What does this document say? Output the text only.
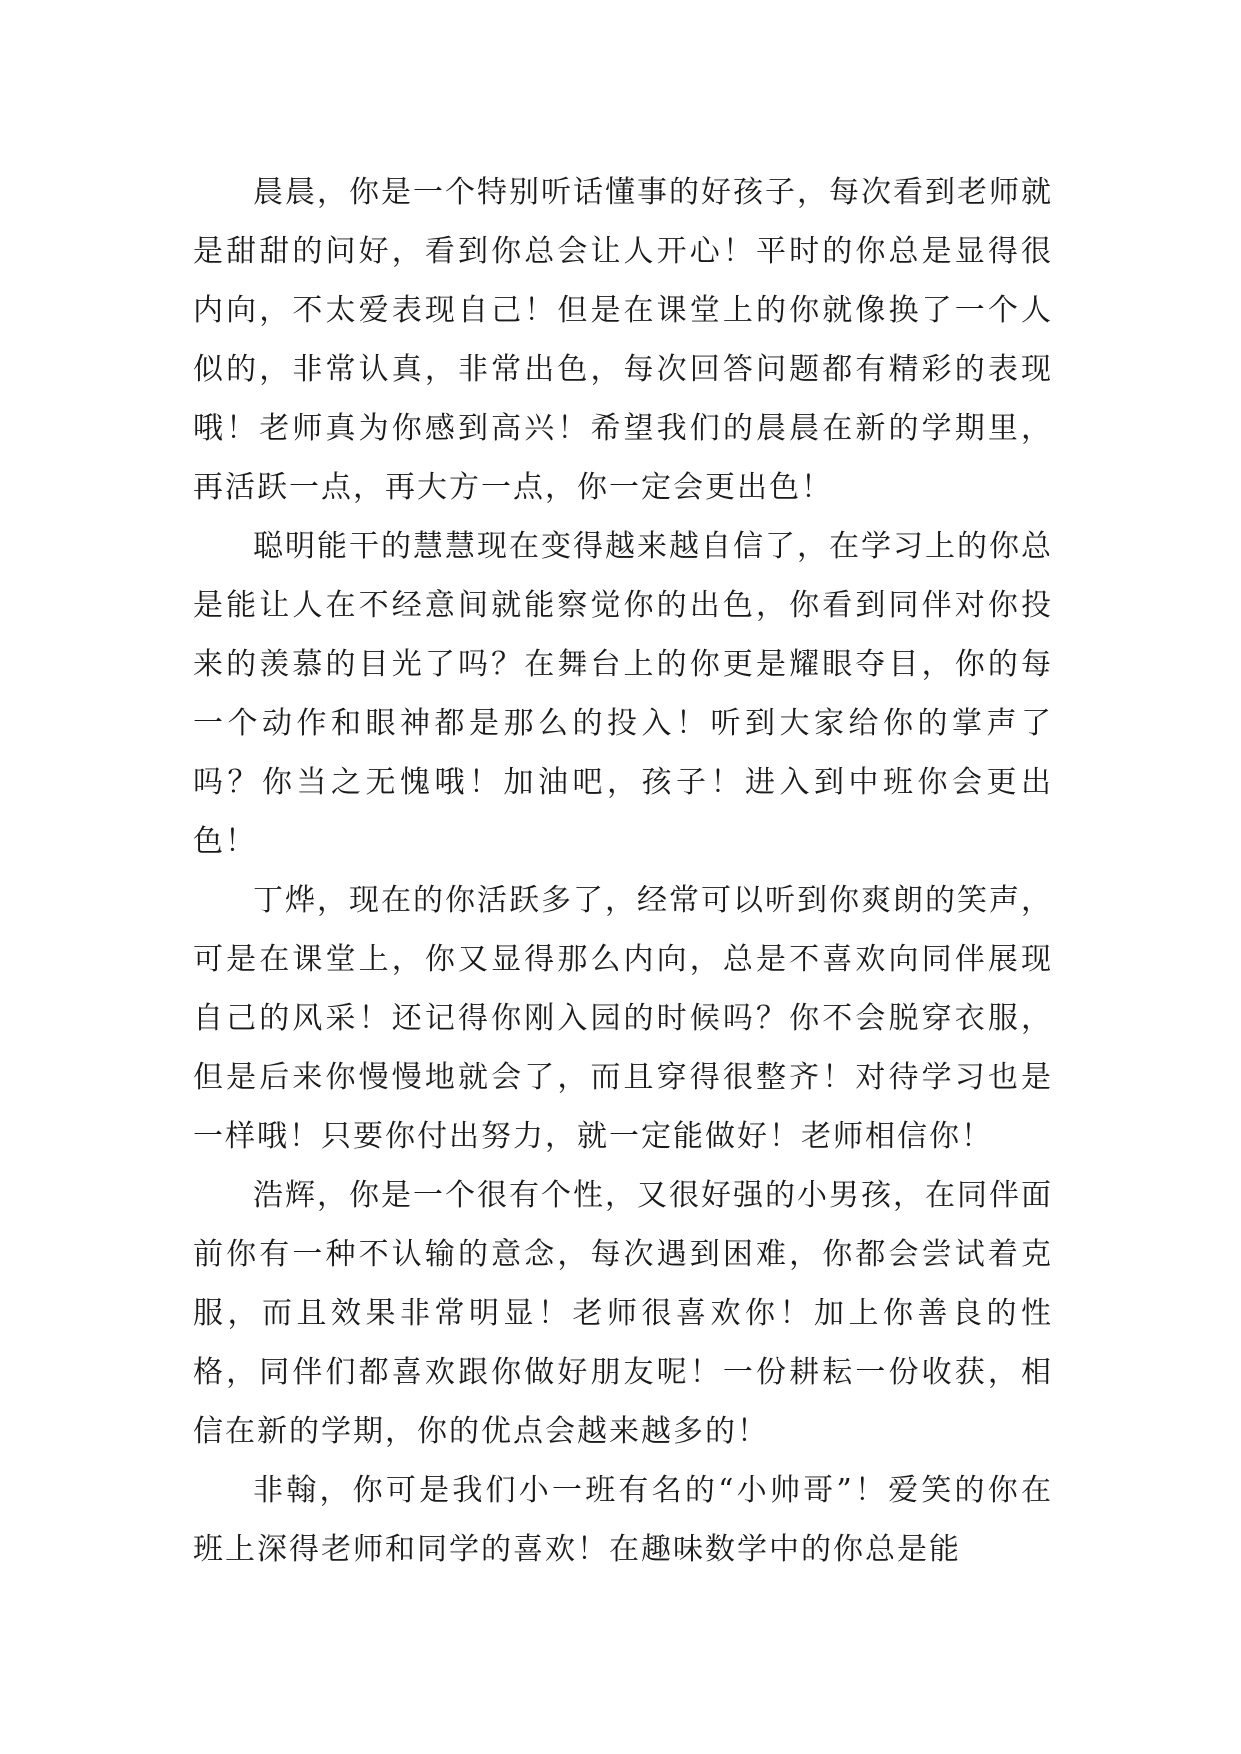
晨晨，你是一个特别听话懂事的好孩子，每次看到老师就是甜甜的问好，看到你总会让人开心！平时的你总是显得很内向，不太爱表现自己！但是在课堂上的你就像换了一个人似的，非常认真，非常出色，每次回答问题都有精彩的表现哦！老师真为你感到高兴！希望我们的晨晨在新的学期里，再活跃一点，再大方一点，你一定会更出色！

聪明能干的慧慧现在变得越来越自信了，在学习上的你总是能让人在不经意间就能察觉你的出色，你看到同伴对你投来的羡慕的目光了吗？在舞台上的你更是耀眼夺目，你的每一个动作和眼神都是那么的投入！听到大家给你的掌声了吗？你当之无愧哦！加油吧，孩子！进入到中班你会更出色！

丁烨，现在的你活跃多了，经常可以听到你爽朗的笑声，可是在课堂上，你又显得那么内向，总是不喜欢向同伴展现自己的风采！还记得你刚入园的时候吗？你不会脱穿衣服，但是后来你慢慢地就会了，而且穿得很整齐！对待学习也是一样哦！只要你付出努力，就一定能做好！老师相信你！

浩辉，你是一个很有个性，又很好强的小男孩，在同伴面前你有一种不认输的意念，每次遇到困难，你都会尝试着克服，而且效果非常明显！老师很喜欢你！加上你善良的性格，同伴们都喜欢跟你做好朋友呢！一份耕耘一份收获，相信在新的学期，你的优点会越来越多的！

非翰，你可是我们小一班有名的“小帅哥”！爱笑的你在班上深得老师和同学的喜欢！在趣味数学中的你总是能
